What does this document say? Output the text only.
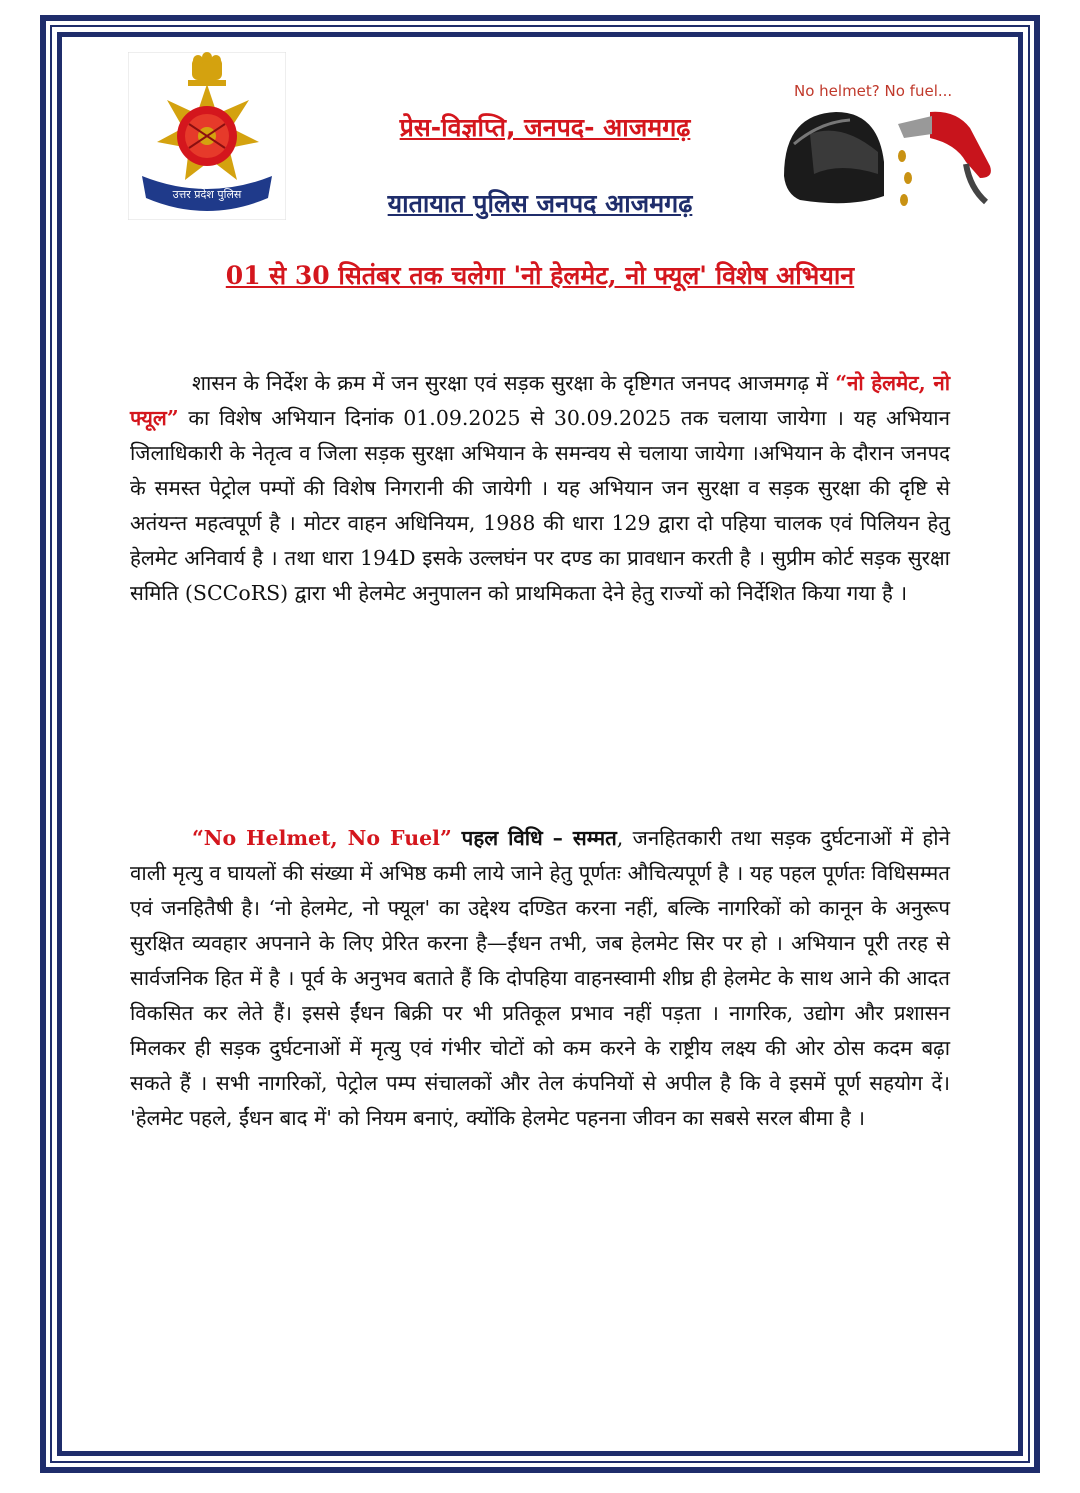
उत्तर प्रदेश पुलिस
No helmet? No fuel...
प्रेस-विज्ञप्ति, जनपद- आजमगढ़
यातायात पुलिस जनपद आजमगढ़
01 से 30 सितंबर तक चलेगा 'नो हेलमेट, नो फ्यूल' विशेष अभियान

शासन के निर्देश के क्रम में जन सुरक्षा एवं सड़क सुरक्षा के दृष्टिगत जनपद आजमगढ़ में “नो हेलमेट, नो फ्यूल” का विशेष अभियान दिनांक 01.09.2025 से 30.09.2025 तक चलाया जायेगा । यह अभियान जिलाधिकारी के नेतृत्व व जिला सड़क सुरक्षा अभियान के समन्वय से चलाया जायेगा ।अभियान के दौरान जनपद के समस्त पेट्रोल पम्पों की विशेष निगरानी की जायेगी । यह अभियान जन सुरक्षा व सड़क सुरक्षा की दृष्टि से अतंयन्त महत्वपूर्ण है । मोटर वाहन अधिनियम, 1988 की धारा 129 द्वारा दो पहिया चालक एवं पिलियन हेतु हेलमेट अनिवार्य है । तथा धारा 194D इसके उल्लघंन पर दण्ड का प्रावधान करती है । सुप्रीम कोर्ट सड़क सुरक्षा समिति (SCCoRS) द्वारा भी हेलमेट अनुपालन को प्राथमिकता देने हेतु राज्यों को निर्देशित किया गया है ।

“No Helmet, No Fuel” पहल विधि – सम्मत, जनहितकारी तथा सड़क दुर्घटनाओं में होने वाली मृत्यु व घायलों की संख्या में अभिष्ठ कमी लाये जाने हेतु पूर्णतः औचित्यपूर्ण है । यह पहल पूर्णतः विधिसम्मत एवं जनहितैषी है। ‘नो हेलमेट, नो फ्यूल' का उद्देश्य दण्डित करना नहीं, बल्कि नागरिकों को कानून के अनुरूप सुरक्षित व्यवहार अपनाने के लिए प्रेरित करना है—ईंधन तभी, जब हेलमेट सिर पर हो । अभियान पूरी तरह से सार्वजनिक हित में है । पूर्व के अनुभव बताते हैं कि दोपहिया वाहनस्वामी शीघ्र ही हेलमेट के साथ आने की आदत विकसित कर लेते हैं। इससे ईंधन बिक्री पर भी प्रतिकूल प्रभाव नहीं पड़ता । नागरिक, उद्योग और प्रशासन मिलकर ही सड़क दुर्घटनाओं में मृत्यु एवं गंभीर चोटों को कम करने के राष्ट्रीय लक्ष्य की ओर ठोस कदम बढ़ा सकते हैं । सभी नागरिकों, पेट्रोल पम्प संचालकों और तेल कंपनियों से अपील है कि वे इसमें पूर्ण सहयोग दें। 'हेलमेट पहले, ईंधन बाद में' को नियम बनाएं, क्योंकि हेलमेट पहनना जीवन का सबसे सरल बीमा है ।
